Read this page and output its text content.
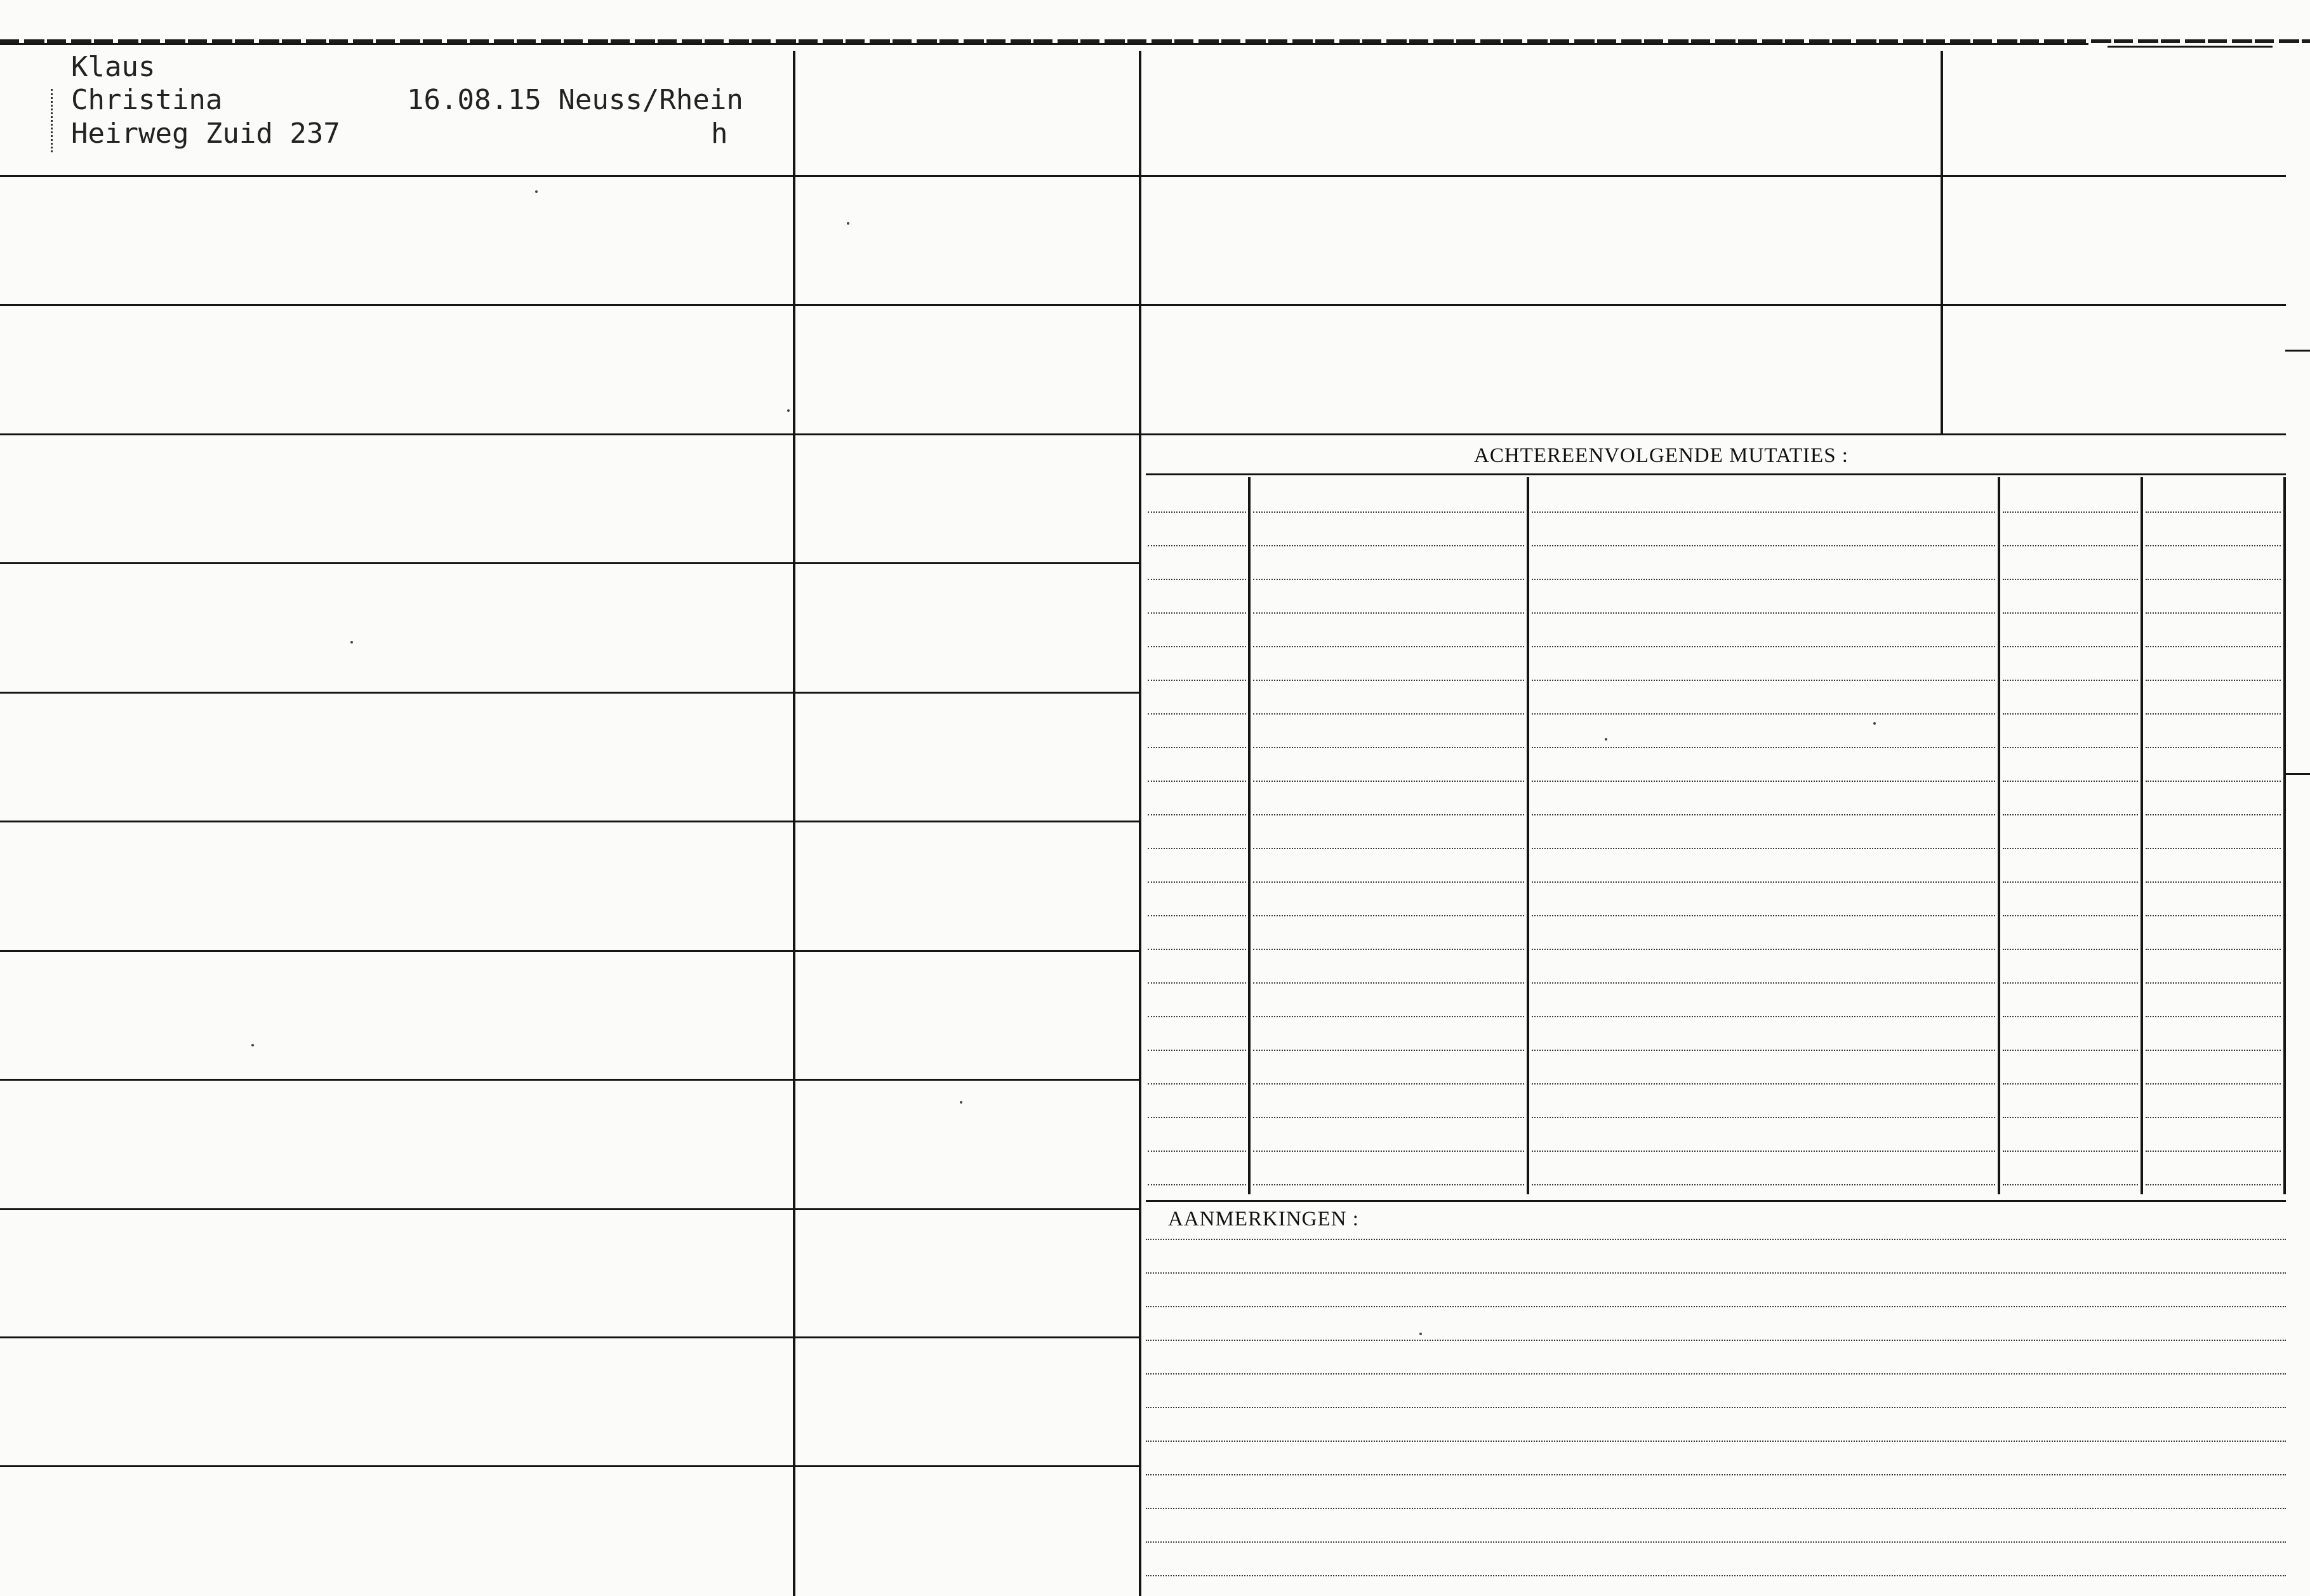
Klaus
Christina
Heirweg Zuid 237
16.08.15 Neuss/Rhein
h
ACHTEREENVOLGENDE MUTATIES :
AANMERKINGEN :
